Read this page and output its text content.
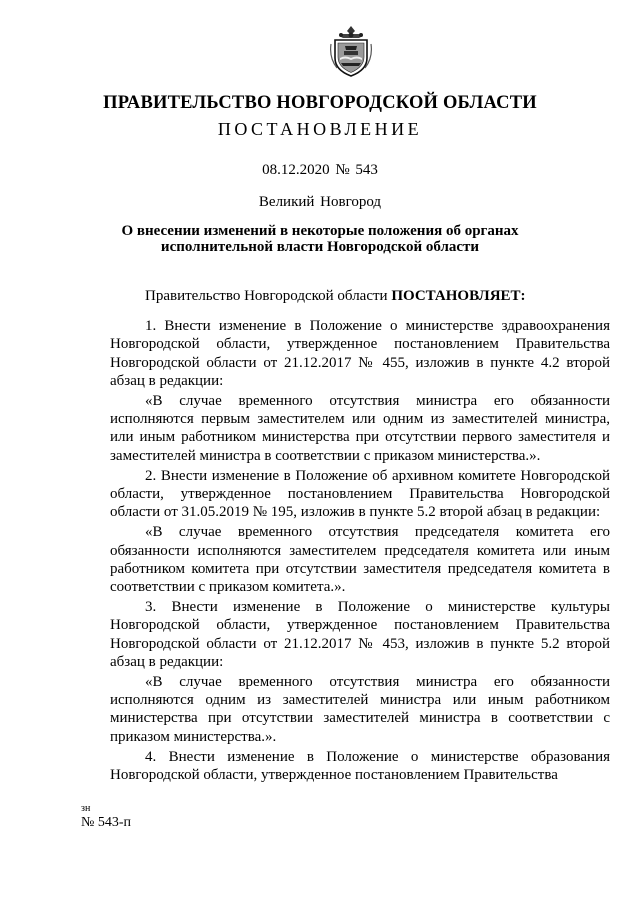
ПРАВИТЕЛЬСТВО НОВГОРОДСКОЙ ОБЛАСТИ
ПОСТАНОВЛЕНИЕ
08.12.2020 № 543
Великий Новгород
О внесении изменений в некоторые положения об органах
исполнительной власти Новгородской области

Правительство Новгородской области ПОСТАНОВЛЯЕТ:

1. Внести изменение в Положение о министерстве здравоохранения Новгородской области, утвержденное постановлением Правительства Новгородской области от 21.12.2017 № 455, изложив в пункте 4.2 второй абзац в редакции:

«В случае временного отсутствия министра его обязанности исполняются первым заместителем или одним из заместителей министра, или иным работником министерства при отсутствии первого заместителя и заместителей министра в соответствии с приказом министерства.».

2. Внести изменение в Положение об архивном комитете Новгородской области, утвержденное постановлением Правительства Новгородской области от 31.05.2019 № 195, изложив в пункте 5.2 второй абзац в редакции:

«В случае временного отсутствия председателя комитета его обязанности исполняются заместителем председателя комитета или иным работником комитета при отсутствии заместителя председателя комитета в соответствии с приказом комитета.».

3. Внести изменение в Положение о министерстве культуры Новгородской области, утвержденное постановлением Правительства Новгородской области от 21.12.2017 № 453, изложив в пункте 5.2 второй абзац в редакции:

«В случае временного отсутствия министра его обязанности исполняются одним из заместителей министра или иным работником министерства при отсутствии заместителей министра в соответствии с приказом министерства.».

4. Внести изменение в Положение о министерстве образования Новгородской области, утвержденное постановлением Правительства

зн
№ 543-п
